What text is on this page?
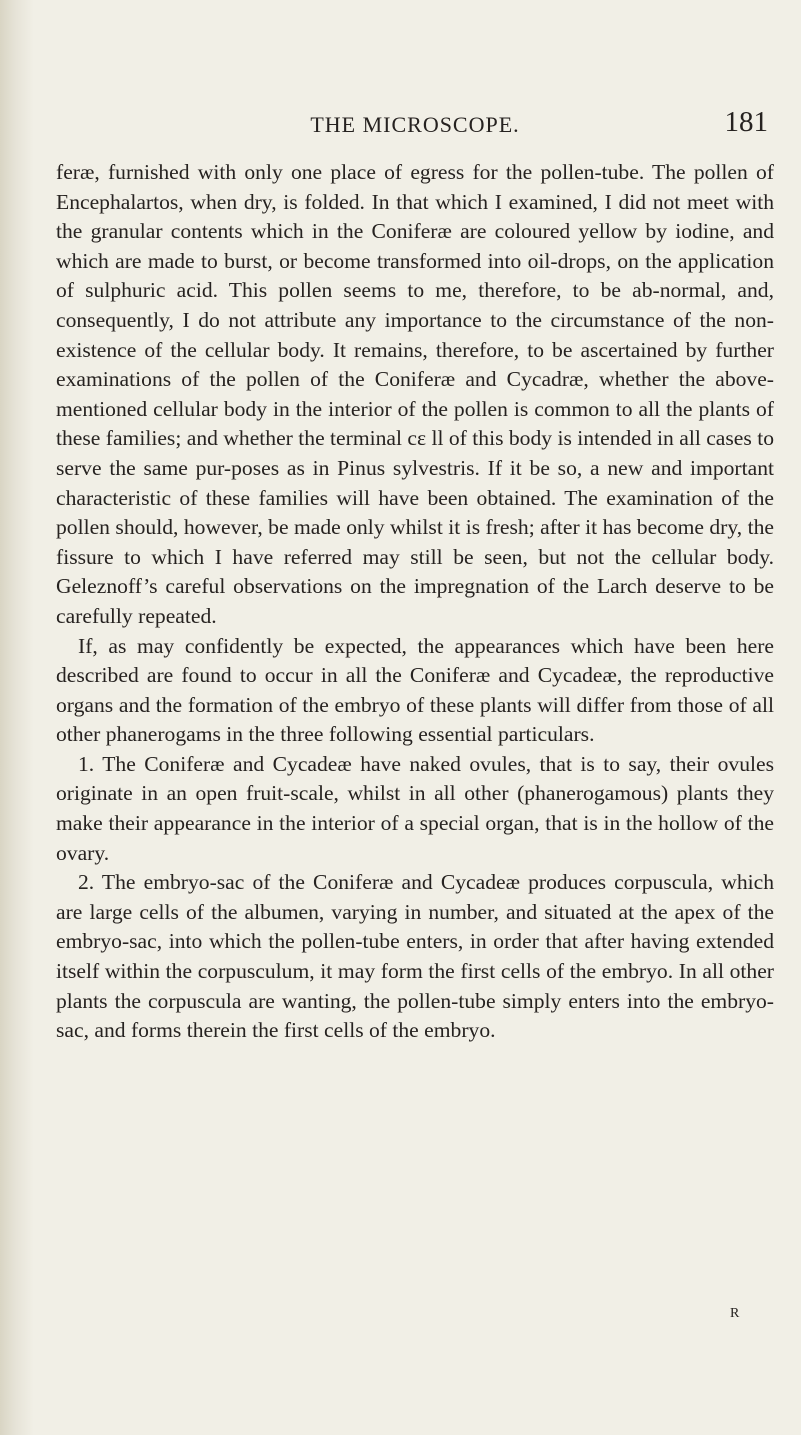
THE MICROSCOPE.	181

feræ, furnished with only one place of egress for the pollen-tube. The pollen of Encephalartos, when dry, is folded. In that which I examined, I did not meet with the granular contents which in the Coniferæ are coloured yellow by iodine, and which are made to burst, or become transformed into oil-drops, on the application of sulphuric acid. This pollen seems to me, therefore, to be ab-normal, and, consequently, I do not attribute any importance to the circumstance of the non-existence of the cellular body. It remains, therefore, to be ascertained by further examinations of the pollen of the Coniferæ and Cycadræ, whether the above-mentioned cellular body in the interior of the pollen is common to all the plants of these families; and whether the terminal cɛ ll of this body is intended in all cases to serve the same pur-poses as in Pinus sylvestris. If it be so, a new and important characteristic of these families will have been obtained. The examination of the pollen should, however, be made only whilst it is fresh; after it has become dry, the fissure to which I have referred may still be seen, but not the cellular body. Geleznoff’s careful observations on the impregnation of the Larch deserve to be carefully repeated.

If, as may confidently be expected, the appearances which have been here described are found to occur in all the Coniferæ and Cycadeæ, the reproductive organs and the formation of the embryo of these plants will differ from those of all other phanerogams in the three following essential particulars.

1. The Coniferæ and Cycadeæ have naked ovules, that is to say, their ovules originate in an open fruit-scale, whilst in all other (phanerogamous) plants they make their appearance in the interior of a special organ, that is in the hollow of the ovary.

2. The embryo-sac of the Coniferæ and Cycadeæ produces corpuscula, which are large cells of the albumen, varying in number, and situated at the apex of the embryo-sac, into which the pollen-tube enters, in order that after having extended itself within the corpusculum, it may form the first cells of the embryo. In all other plants the corpuscula are wanting, the pollen-tube simply enters into the embryo-sac, and forms therein the first cells of the embryo.

R
